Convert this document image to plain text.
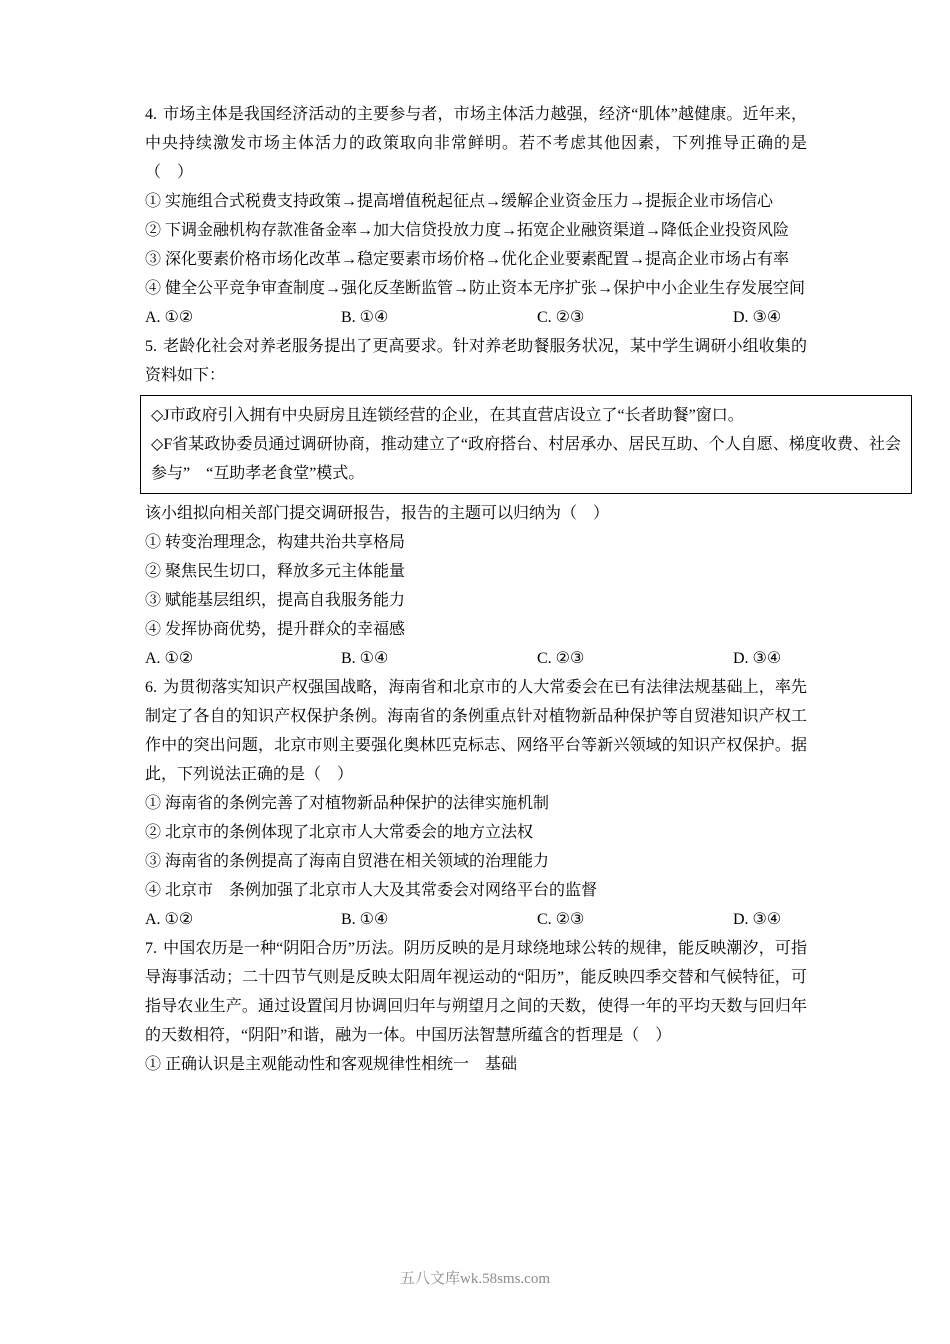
4. 市场主体是我国经济活动的主要参与者，市场主体活力越强，经济“肌体”越健康。近年来，中央持续激发市场主体活力的政策取向非常鲜明。若不考虑其他因素，下列推导正确的是（　）

① 实施组合式税费支持政策→提高增值税起征点→缓解企业资金压力→提振企业市场信心

② 下调金融机构存款准备金率→加大信贷投放力度→拓宽企业融资渠道→降低企业投资风险

③ 深化要素价格市场化改革→稳定要素市场价格→优化企业要素配置→提高企业市场占有率

④ 健全公平竞争审查制度→强化反垄断监管→防止资本无序扩张→保护中小企业生存发展空间

A. ①②	B. ①④	C. ②③	D. ③④

5. 老龄化社会对养老服务提出了更高要求。针对养老助餐服务状况，某中学生调研小组收集的资料如下：

◇J市政府引入拥有中央厨房且连锁经营的企业，在其直营店设立了“长者助餐”窗口。

◇F省某政协委员通过调研协商，推动建立了“政府搭台、村居承办、居民互助、个人自愿、梯度收费、社会参与”　“互助孝老食堂”模式。

该小组拟向相关部门提交调研报告，报告的主题可以归纳为（　）

① 转变治理理念，构建共治共享格局

② 聚焦民生切口，释放多元主体能量

③ 赋能基层组织，提高自我服务能力

④ 发挥协商优势，提升群众的幸福感

A. ①②	B. ①④	C. ②③	D. ③④

6. 为贯彻落实知识产权强国战略，海南省和北京市的人大常委会在已有法律法规基础上，率先制定了各自的知识产权保护条例。海南省的条例重点针对植物新品种保护等自贸港知识产权工作中的突出问题，北京市则主要强化奥林匹克标志、网络平台等新兴领域的知识产权保护。据此，下列说法正确的是（　）

① 海南省的条例完善了对植物新品种保护的法律实施机制

② 北京市的条例体现了北京市人大常委会的地方立法权

③ 海南省的条例提高了海南自贸港在相关领域的治理能力

④ 北京市　条例加强了北京市人大及其常委会对网络平台的监督

A. ①②	B. ①④	C. ②③	D. ③④

7. 中国农历是一种“阴阳合历”历法。阴历反映的是月球绕地球公转的规律，能反映潮汐，可指导海事活动；二十四节气则是反映太阳周年视运动的“阳历”，能反映四季交替和气候特征，可指导农业生产。通过设置闰月协调回归年与朔望月之间的天数，使得一年的平均天数与回归年的天数相符，“阴阳”和谐，融为一体。中国历法智慧所蕴含的哲理是（　）

① 正确认识是主观能动性和客观规律性相统一　基础

五八文库wk.58sms.com
